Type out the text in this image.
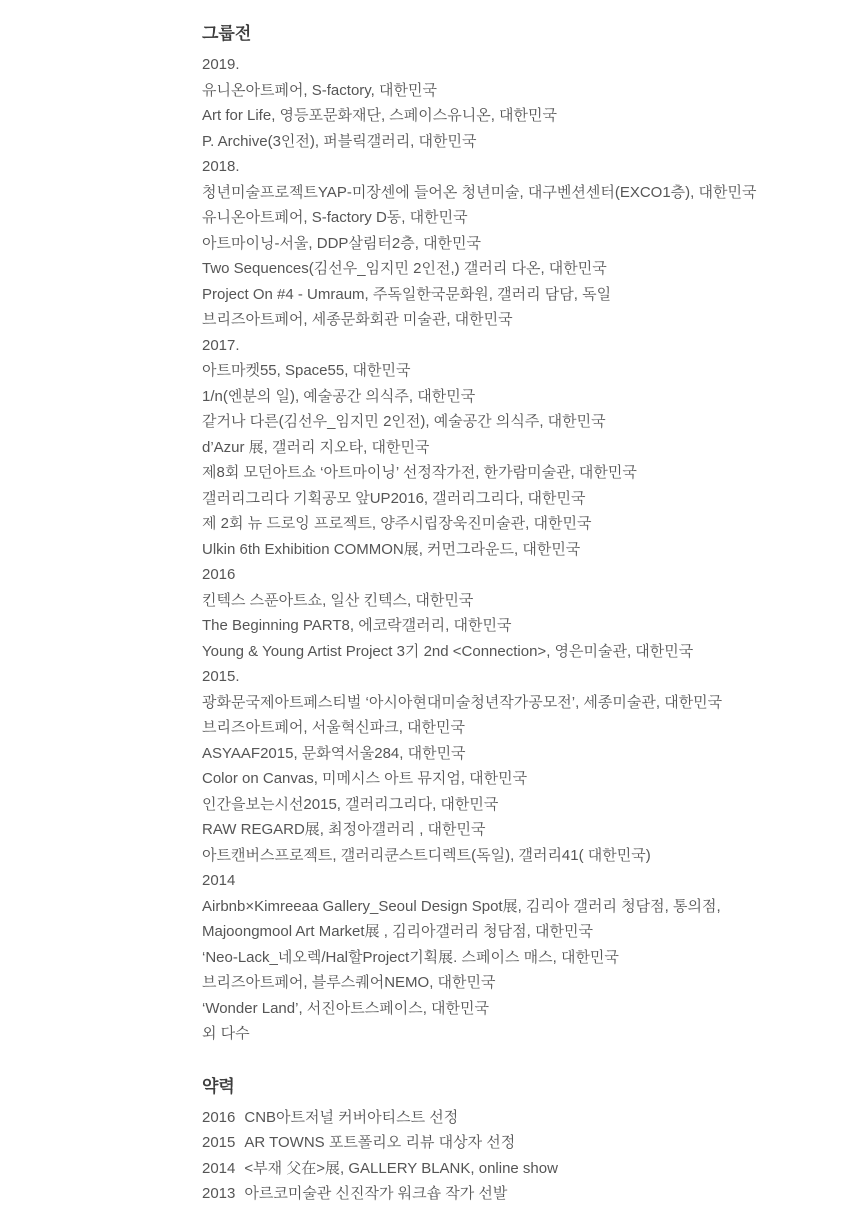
그룹전
2019.
유니온아트페어, S-factory, 대한민국
Art for Life, 영등포문화재단, 스페이스유니온, 대한민국
P. Archive(3인전), 퍼블릭갤러리, 대한민국
2018.
청년미술프로젝트YAP-미장센에 들어온 청년미술, 대구벤션센터(EXCO1층), 대한민국
유니온아트페어, S-factory D동, 대한민국
아트마이닝-서울, DDP살림터2층, 대한민국
Two Sequences(김선우_임지민 2인전,) 갤러리 다온, 대한민국
Project On #4 - Umraum, 주독일한국문화원, 갤러리 담담, 독일
브리즈아트페어, 세종문화회관 미술관, 대한민국
2017.
아트마켓55, Space55, 대한민국
1/n(엔분의 일), 예술공간 의식주, 대한민국
같거나 다른(김선우_임지민 2인전), 예술공간 의식주, 대한민국
d’Azur 展, 갤러리 지오타, 대한민국
제8회 모던아트쇼 ‘아트마이닝’ 선정작가전, 한가람미술관, 대한민국
갤러리그리다 기획공모 앞UP2016, 갤러리그리다, 대한민국
제 2회 뉴 드로잉 프로젝트, 양주시립장욱진미술관, 대한민국
Ulkin 6th Exhibition COMMON展, 커먼그라운드, 대한민국
2016
킨텍스 스푼아트쇼, 일산 킨텍스, 대한민국
The Beginning PART8, 에코락갤러리, 대한민국
Young & Young Artist Project 3기 2nd <Connection>, 영은미술관, 대한민국
2015.
광화문국제아트페스티벌 ‘아시아현대미술청년작가공모전’, 세종미술관, 대한민국
브리즈아트페어, 서울혁신파크, 대한민국
ASYAAF2015, 문화역서울284, 대한민국
Color on Canvas, 미메시스 아트 뮤지엄, 대한민국
인간을보는시선2015, 갤러리그리다, 대한민국
RAW REGARD展, 최정아갤러리 , 대한민국
아트캔버스프로젝트, 갤러리쿤스트디렉트(독일), 갤러리41( 대한민국)
2014
Airbnb×Kimreeaa Gallery_Seoul Design Spot展, 김리아 갤러리 청담점, 통의점,
Majoongmool Art Market展 , 김리아갤러리 청담점, 대한민국
‘Neo-Lack_네오렉/Hal할Project기획展. 스페이스 매스, 대한민국
브리즈아트페어, 블루스퀘어NEMO, 대한민국
‘Wonder Land’, 서진아트스페이스, 대한민국
외 다수
약력
2016 CNB아트저널 커버아티스트 선정
2015 AR TOWNS 포트폴리오 리뷰 대상자 선정
2014 <부재 父在>展, GALLERY BLANK, online show
2013 아르코미술관 신진작가 워크숍 작가 선발
